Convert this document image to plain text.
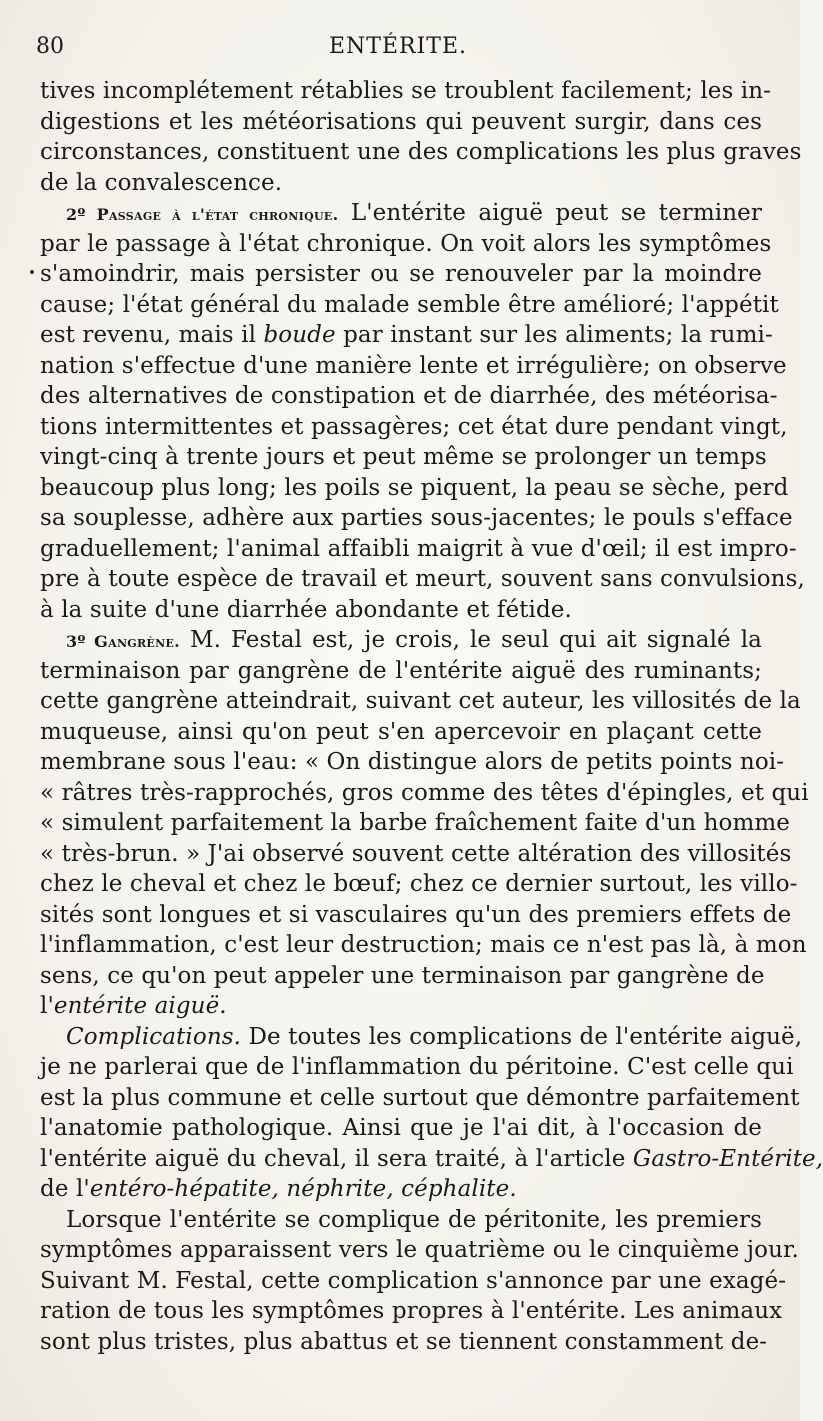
80	ENTÉRITE.
tives incomplétement rétablies se troublent facilement; les in-
digestions et les météorisations qui peuvent surgir, dans ces
circonstances, constituent une des complications les plus graves
de la convalescence.
2º Passage à l'état chronique. L'entérite aiguë peut se terminer
par le passage à l'état chronique. On voit alors les symptômes
s'amoindrir, mais persister ou se renouveler par la moindre
cause; l'état général du malade semble être amélioré; l'appétit
est revenu, mais il boude par instant sur les aliments; la rumi-
nation s'effectue d'une manière lente et irrégulière; on observe
des alternatives de constipation et de diarrhée, des météorisa-
tions intermittentes et passagères; cet état dure pendant vingt,
vingt-cinq à trente jours et peut même se prolonger un temps
beaucoup plus long; les poils se piquent, la peau se sèche, perd
sa souplesse, adhère aux parties sous-jacentes; le pouls s'efface
graduellement; l'animal affaibli maigrit à vue d'œil; il est impro-
pre à toute espèce de travail et meurt, souvent sans convulsions,
à la suite d'une diarrhée abondante et fétide.
3º Gangrène. M. Festal est, je crois, le seul qui ait signalé la
terminaison par gangrène de l'entérite aiguë des ruminants;
cette gangrène atteindrait, suivant cet auteur, les villosités de la
muqueuse, ainsi qu'on peut s'en apercevoir en plaçant cette
membrane sous l'eau: « On distingue alors de petits points noi-
« râtres très-rapprochés, gros comme des têtes d'épingles, et qui
« simulent parfaitement la barbe fraîchement faite d'un homme
« très-brun. » J'ai observé souvent cette altération des villosités
chez le cheval et chez le bœuf; chez ce dernier surtout, les villo-
sités sont longues et si vasculaires qu'un des premiers effets de
l'inflammation, c'est leur destruction; mais ce n'est pas là, à mon
sens, ce qu'on peut appeler une terminaison par gangrène de
l'entérite aiguë.
Complications. De toutes les complications de l'entérite aiguë,
je ne parlerai que de l'inflammation du péritoine. C'est celle qui
est la plus commune et celle surtout que démontre parfaitement
l'anatomie pathologique. Ainsi que je l'ai dit, à l'occasion de
l'entérite aiguë du cheval, il sera traité, à l'article Gastro-Entérite,
de l'entéro-hépatite, néphrite, céphalite.
Lorsque l'entérite se complique de péritonite, les premiers
symptômes apparaissent vers le quatrième ou le cinquième jour.
Suivant M. Festal, cette complication s'annonce par une exagé-
ration de tous les symptômes propres à l'entérite. Les animaux
sont plus tristes, plus abattus et se tiennent constamment de-
